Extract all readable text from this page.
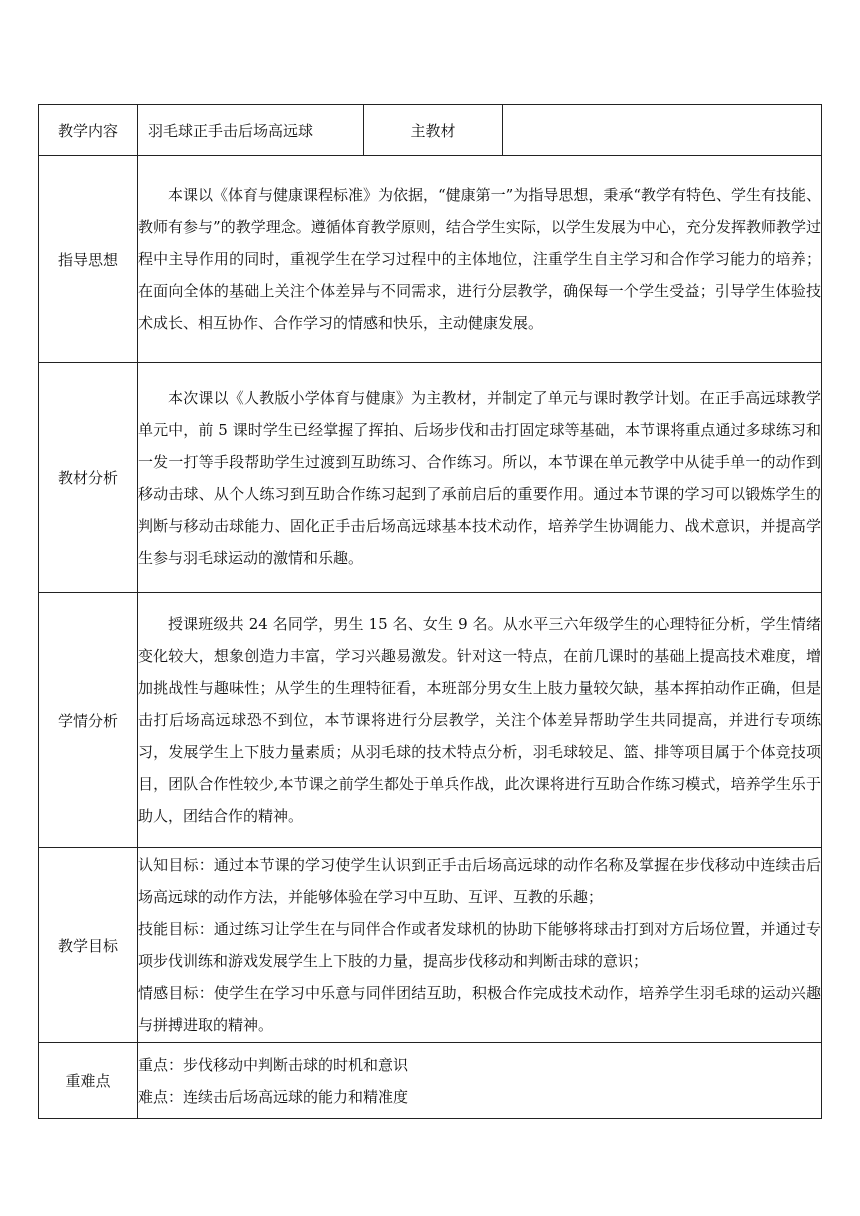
教学内容	羽毛球正手击后场高远球	主教材	
指导思想	本课以《体育与健康课程标准》为依据，“健康第一”为指导思想，秉承“教学有特色、学生有技能、教师有参与”的教学理念。遵循体育教学原则，结合学生实际，以学生发展为中心，充分发挥教师教学过程中主导作用的同时，重视学生在学习过程中的主体地位，注重学生自主学习和合作学习能力的培养；在面向全体的基础上关注个体差异与不同需求，进行分层教学，确保每一个学生受益；引导学生体验技术成长、相互协作、合作学习的情感和快乐，主动健康发展。		

教材分析	本次课以《人教版小学体育与健康》为主教材，并制定了单元与课时教学计划。在正手高远球教学单元中，前 5 课时学生已经掌握了挥拍、后场步伐和击打固定球等基础，本节课将重点通过多球练习和一发一打等手段帮助学生过渡到互助练习、合作练习。所以，本节课在单元教学中从徒手单一的动作到移动击球、从个人练习到互助合作练习起到了承前启后的重要作用。通过本节课的学习可以锻炼学生的判断与移动击球能力、固化正手击后场高远球基本技术动作，培养学生协调能力、战术意识，并提高学生参与羽毛球运动的激情和乐趣。		

学情分析	授课班级共 24 名同学，男生 15 名、女生 9 名。从水平三六年级学生的心理特征分析，学生情绪变化较大，想象创造力丰富，学习兴趣易激发。针对这一特点，在前几课时的基础上提高技术难度，增加挑战性与趣味性；从学生的生理特征看，本班部分男女生上肢力量较欠缺，基本挥拍动作正确，但是击打后场高远球恐不到位，本节课将进行分层教学，关注个体差异帮助学生共同提高，并进行专项练习，发展学生上下肢力量素质；从羽毛球的技术特点分析，羽毛球较足、篮、排等项目属于个体竞技项目，团队合作性较少,本节课之前学生都处于单兵作战，此次课将进行互助合作练习模式，培养学生乐于助人，团结合作的精神。		

教学目标	认知目标：通过本节课的学习使学生认识到正手击后场高远球的动作名称及掌握在步伐移动中连续击后场高远球的动作方法，并能够体验在学习中互助、互评、互教的乐趣；

技能目标：通过练习让学生在与同伴合作或者发球机的协助下能够将球击打到对方后场位置，并通过专项步伐训练和游戏发展学生上下肢的力量，提高步伐移动和判断击球的意识；

情感目标：使学生在学习中乐意与同伴团结互助，积极合作完成技术动作，培养学生羽毛球的运动兴趣与拼搏进取的精神。		

重难点	重点：步伐移动中判断击球的时机和意识

难点：连续击后场高远球的能力和精准度		
